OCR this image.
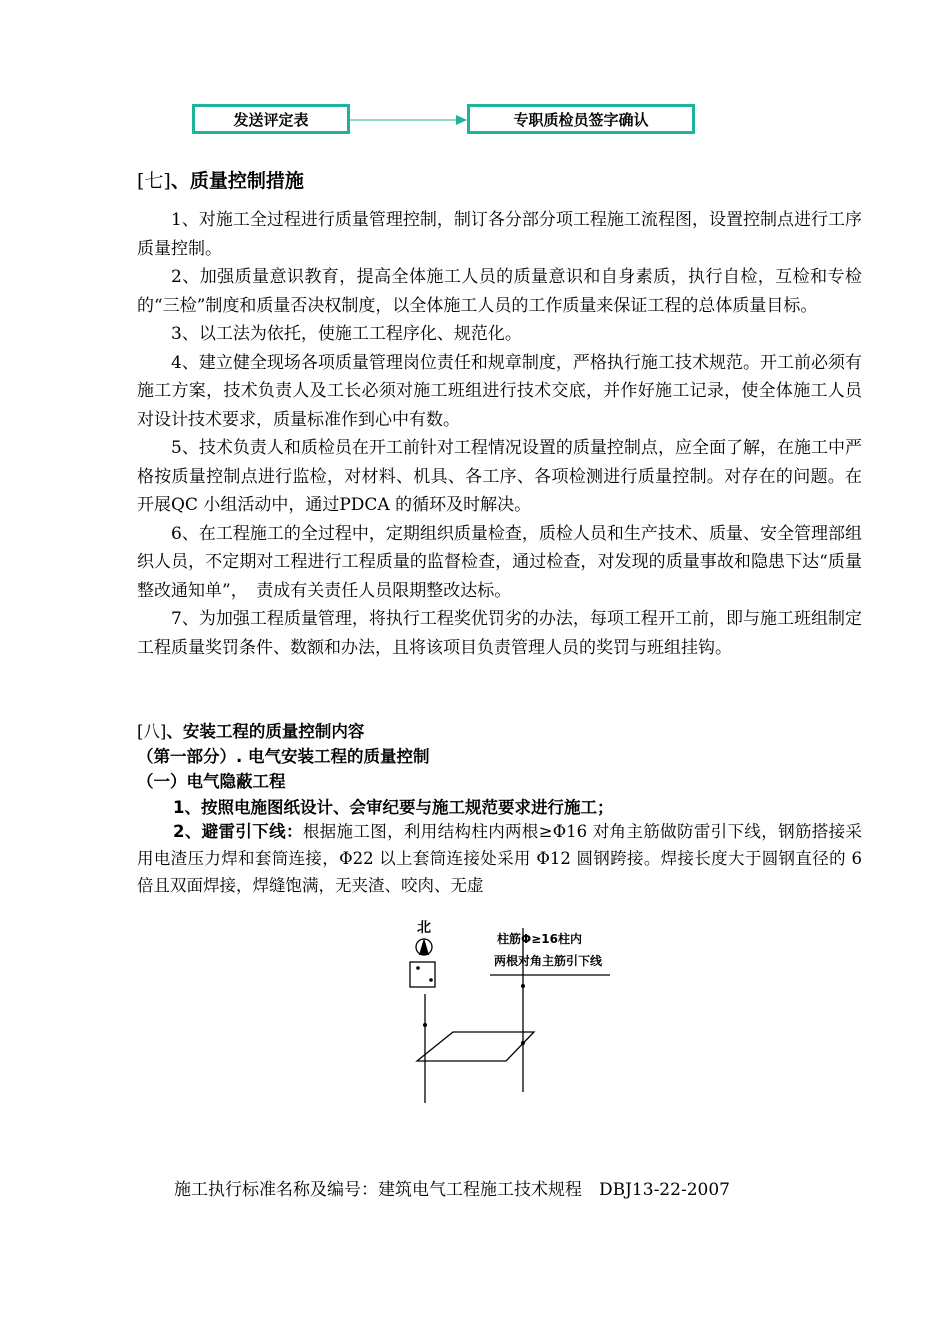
发送评定表	专职质检员签字确认
[七]、质量控制措施

1、对施工全过程进行质量管理控制，制订各分部分项工程施工流程图，设置控制点进行工序质量控制。

2、加强质量意识教育，提高全体施工人员的质量意识和自身素质，执行自检，互检和专检的“三检”制度和质量否决权制度，以全体施工人员的工作质量来保证工程的总体质量目标。

3、以工法为依托，使施工工程序化、规范化。

4、建立健全现场各项质量管理岗位责任和规章制度，严格执行施工技术规范。开工前必须有施工方案，技术负责人及工长必须对施工班组进行技术交底，并作好施工记录，使全体施工人员对设计技术要求，质量标准作到心中有数。

5、技术负责人和质检员在开工前针对工程情况设置的质量控制点，应全面了解，在施工中严格按质量控制点进行监检，对材料、机具、各工序、各项检测进行质量控制。对存在的问题。在开展QC 小组活动中，通过PDCA 的循环及时解决。

6、在工程施工的全过程中，定期组织质量检查，质检人员和生产技术、质量、安全管理部组织人员，不定期对工程进行工程质量的监督检查，通过检查，对发现的质量事故和隐患下达“质量整改通知单”，　责成有关责任人员限期整改达标。

7、为加强工程质量管理，将执行工程奖优罚劣的办法，每项工程开工前，即与施工班组制定工程质量奖罚条件、数额和办法，且将该项目负责管理人员的奖罚与班组挂钩。

[八]、安装工程的质量控制内容
（第一部分）. 电气安装工程的质量控制
（一）电气隐蔽工程
1、按照电施图纸设计、会审纪要与施工规范要求进行施工；

2、避雷引下线：根据施工图，利用结构柱内两根≥Φ16 对角主筋做防雷引下线，钢筋搭接采用电渣压力焊和套筒连接，Φ22 以上套筒连接处采用 Φ12 圆钢跨接。焊接长度大于圆钢直径的 6 倍且双面焊接，焊缝饱满，无夹渣、咬肉、无虚

北
柱筋Φ≥16柱内
两根对角主筋引下线
施工执行标准名称及编号：建筑电气工程施工技术规程　DBJ13-22-2007
